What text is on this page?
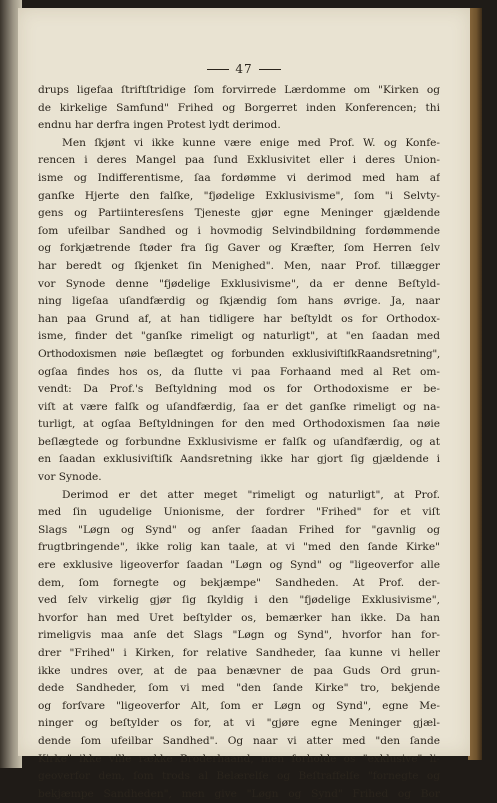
47
drups ligefaa ſtriftſtridige ſom forvirrede Lærdomme om "Kirken og
de kirkelige Samfund" Frihed og Borgerret inden Konferencen; thi
endnu har derfra ingen Protest lydt derimod.
Men ſkjønt vi ikke kunne være enige med Prof. W. og Konfe-
rencen i deres Mangel paa ſund Exklusivitet eller i deres Union-
isme og Indifferentisme, ſaa fordømme vi derimod med ham af
ganſke Hjerte den falſke, "fjødelige Exklusivisme", ſom "i Selvty-
gens og Partiinteresſens Tjeneste gjør egne Meninger gjældende
ſom ufeilbar Sandhed og i hovmodig Selvindbildning fordømmende
og forkjætrende ſtøder fra ſig Gaver og Kræfter, ſom Herren ſelv
har beredt og ſkjenket ſin Menighed". Men, naar Prof. tillægger
vor Synode denne "fjødelige Exklusivisme", da er denne Beſtyld-
ning ligeſaa uſandfærdig og ſkjændig ſom hans øvrige. Ja, naar
han paa Grund af, at han tidligere har beſtyldt os for Orthodox-
isme, finder det "ganſke rimeligt og naturligt", at "en ſaadan med
Orthodoxismen nøie beſlægtet og forbunden exklusiviſtiſkRaandsretning",
ogſaa findes hos os, da ſlutte vi paa Forhaand med al Ret om-
vendt: Da Prof.'s Beſtyldning mod os for Orthodoxisme er be-
viſt at være falſk og uſandfærdig, ſaa er det ganſke rimeligt og na-
turligt, at ogſaa Beſtyldningen for den med Orthodoxismen ſaa nøie
beſlægtede og forbundne Exklusivisme er falſk og uſandfærdig, og at
en ſaadan exklusiviſtiſk Aandsretning ikke har gjort ſig gjældende i
vor Synode.
Derimod er det atter meget "rimeligt og naturligt", at Prof.
med ſin ugudelige Unionisme, der fordrer "Frihed" for et viſt
Slags "Løgn og Synd" og anſer ſaadan Frihed for "gavnlig og
frugtbringende", ikke rolig kan taale, at vi "med den ſande Kirke"
ere exklusive ligeoverfor ſaadan "Løgn og Synd" og "ligeoverfor alle
dem, ſom fornegte og bekjæmpe" Sandheden. At Prof. der-
ved ſelv virkelig gjør ſig ſkyldig i den "fjødelige Exklusivisme",
hvorfor han med Uret beſtylder os, bemærker han ikke. Da han
rimeligvis maa anſe det Slags "Løgn og Synd", hvorfor han for-
drer "Frihed" i Kirken, for relative Sandheder, ſaa kunne vi heller
ikke undres over, at de paa benævner de paa Guds Ord grun-
dede Sandheder, ſom vi med "den ſande Kirke" tro, bekjende
og forſvare "ligeoverfor Alt, ſom er Løgn og Synd", egne Me-
ninger og beſtylder os for, at vi "gjøre egne Meninger gjæl-
dende ſom ufeilbar Sandhed". Og naar vi atter med "den ſande
Kirke" ikke ville række Broderhaand, men forholde os "exklusive" li-
geoverfor dem, ſom trods al Belærelſe og Beſtraffelſe "fornegte og
bekjæmpe Sandheden", men give "Løgn og Synd" Frihed og Bor
